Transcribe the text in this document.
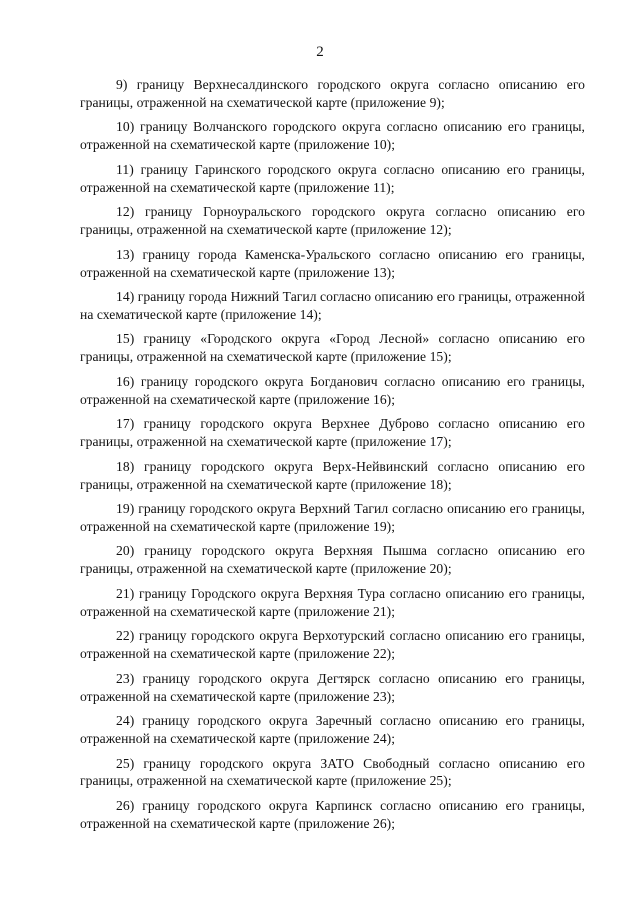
2

9) границу Верхнесалдинского городского округа согласно описанию его границы, отраженной на схематической карте (приложение 9);

10) границу Волчанского городского округа согласно описанию его границы, отраженной на схематической карте (приложение 10);

11) границу Гаринского городского округа согласно описанию его границы, отраженной на схематической карте (приложение 11);

12) границу Горноуральского городского округа согласно описанию его границы, отраженной на схематической карте (приложение 12);

13) границу города Каменска-Уральского согласно описанию его границы, отраженной на схематической карте (приложение 13);

14) границу города Нижний Тагил согласно описанию его границы, отраженной на схематической карте (приложение 14);

15) границу «Городского округа «Город Лесной» согласно описанию его границы, отраженной на схематической карте (приложение 15);

16) границу городского округа Богданович согласно описанию его границы, отраженной на схематической карте (приложение 16);

17) границу городского округа Верхнее Дуброво согласно описанию его границы, отраженной на схематической карте (приложение 17);

18) границу городского округа Верх-Нейвинский согласно описанию его границы, отраженной на схематической карте (приложение 18);

19) границу городского округа Верхний Тагил согласно описанию его границы, отраженной на схематической карте (приложение 19);

20) границу городского округа Верхняя Пышма согласно описанию его границы, отраженной на схематической карте (приложение 20);

21) границу Городского округа Верхняя Тура согласно описанию его границы, отраженной на схематической карте (приложение 21);

22) границу городского округа Верхотурский согласно описанию его границы, отраженной на схематической карте (приложение 22);

23) границу городского округа Дегтярск согласно описанию его границы, отраженной на схематической карте (приложение 23);

24) границу городского округа Заречный согласно описанию его границы, отраженной на схематической карте (приложение 24);

25) границу городского округа ЗАТО Свободный согласно описанию его границы, отраженной на схематической карте (приложение 25);

26) границу городского округа Карпинск согласно описанию его границы, отраженной на схематической карте (приложение 26);
